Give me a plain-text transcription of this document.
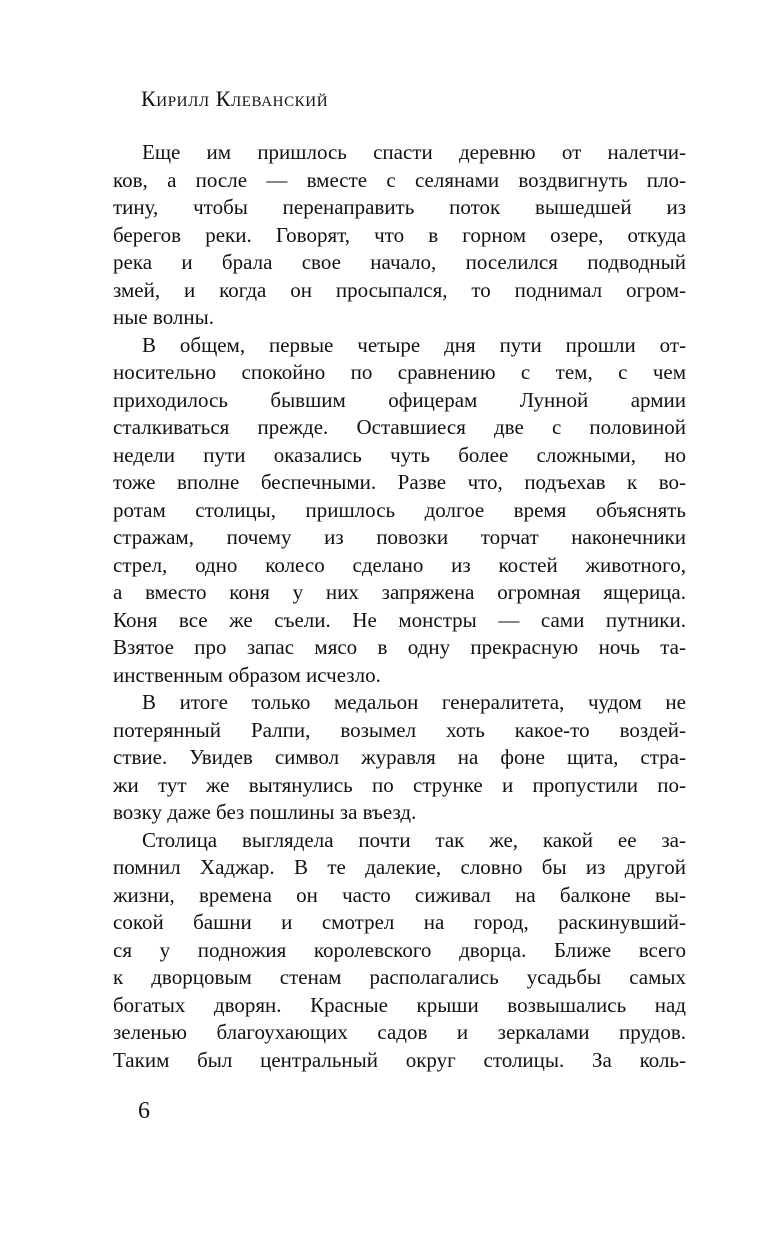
Кирилл Клеванский

Еще им пришлось спасти деревню от налетчи-
ков, а после — вместе с селянами воздвигнуть пло-
тину, чтобы перенаправить поток вышедшей из
берегов реки. Говорят, что в горном озере, откуда
река и брала свое начало, поселился подводный
змей, и когда он просыпался, то поднимал огром-
ные волны.

В общем, первые четыре дня пути прошли от-
носительно спокойно по сравнению с тем, с чем
приходилось бывшим офицерам Лунной армии
сталкиваться прежде. Оставшиеся две с половиной
недели пути оказались чуть более сложными, но
тоже вполне беспечными. Разве что, подъехав к во-
ротам столицы, пришлось долгое время объяснять
стражам, почему из повозки торчат наконечники
стрел, одно колесо сделано из костей животного,
а вместо коня у них запряжена огромная ящерица.
Коня все же съели. Не монстры — сами путники.
Взятое про запас мясо в одну прекрасную ночь та-
инственным образом исчезло.

В итоге только медальон генералитета, чудом не
потерянный Ралпи, возымел хоть какое-то воздей-
ствие. Увидев символ журавля на фоне щита, стра-
жи тут же вытянулись по струнке и пропустили по-
возку даже без пошлины за въезд.

Столица выглядела почти так же, какой ее за-
помнил Хаджар. В те далекие, словно бы из другой
жизни, времена он часто сиживал на балконе вы-
сокой башни и смотрел на город, раскинувший-
ся у подножия королевского дворца. Ближе всего
к дворцовым стенам располагались усадьбы самых
богатых дворян. Красные крыши возвышались над
зеленью благоухающих садов и зеркалами прудов.
Таким был центральный округ столицы. За коль-

6
